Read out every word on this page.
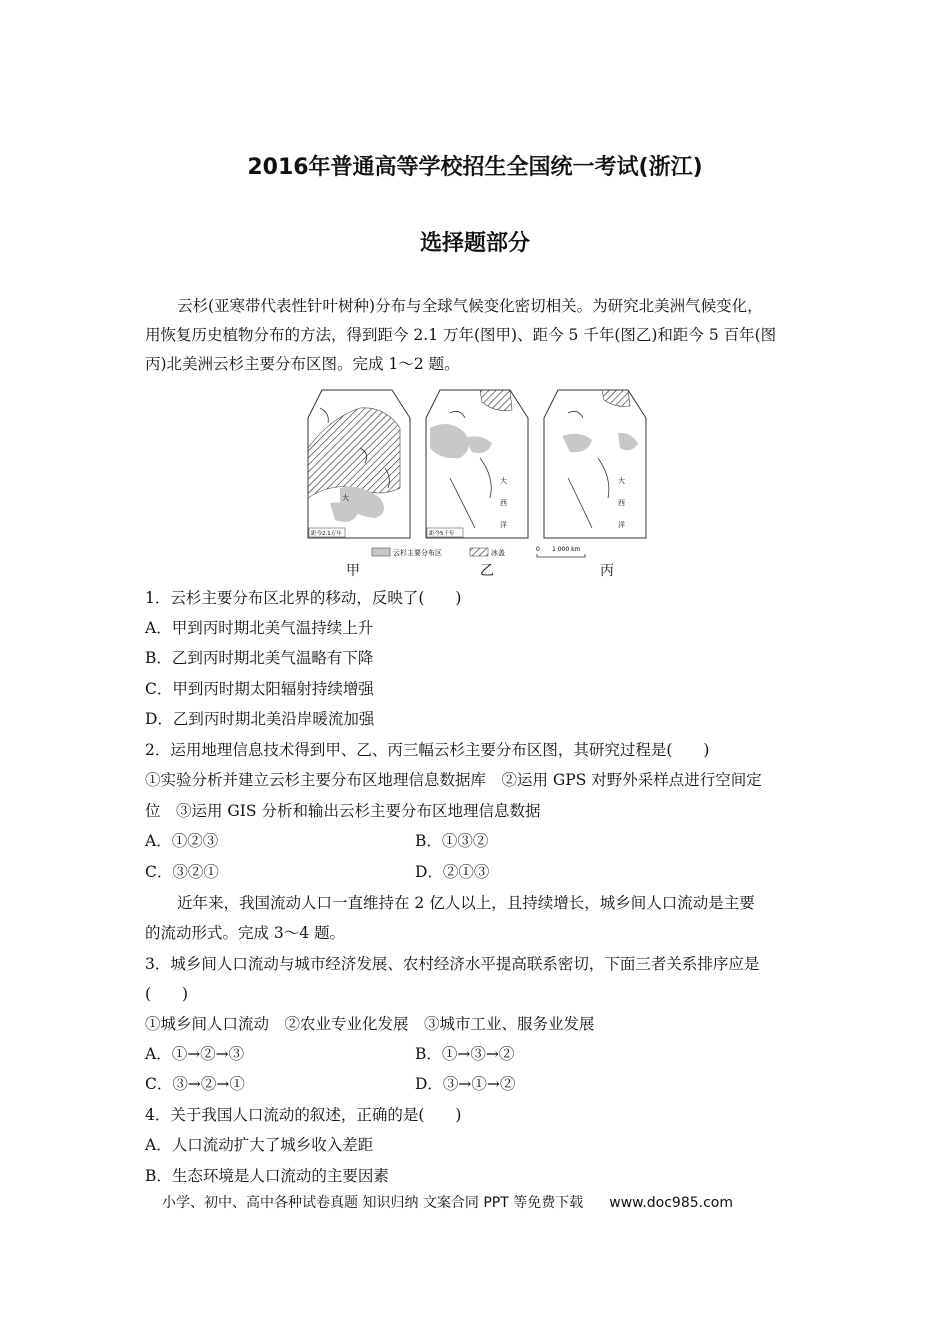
2016年普通高等学校招生全国统一考试(浙江)
选择题部分
云杉(亚寒带代表性针叶树种)分布与全球气候变化密切相关。为研究北美洲气候变化，
用恢复历史植物分布的方法，得到距今 2.1 万年(图甲)、距今 5 千年(图乙)和距今 5 百年(图
丙)北美洲云杉主要分布区图。完成 1～2 题。
大
距今2.1万年
大
西
洋
距今5千年
大
西
洋
云杉主要分布区	冰盖	0 1 000 km
甲	乙	丙
1．云杉主要分布区北界的移动，反映了(　　)
A．甲到丙时期北美气温持续上升
B．乙到丙时期北美气温略有下降
C．甲到丙时期太阳辐射持续增强
D．乙到丙时期北美沿岸暖流加强
2．运用地理信息技术得到甲、乙、丙三幅云杉主要分布区图，其研究过程是(　　)
①实验分析并建立云杉主要分布区地理信息数据库　②运用 GPS 对野外采样点进行空间定
位　③运用 GIS 分析和输出云杉主要分布区地理信息数据
A．①②③	B．①③②
C．③②①	D．②①③
近年来，我国流动人口一直维持在 2 亿人以上，且持续增长，城乡间人口流动是主要
的流动形式。完成 3～4 题。
3．城乡间人口流动与城市经济发展、农村经济水平提高联系密切，下面三者关系排序应是
(　　)
①城乡间人口流动　②农业专业化发展　③城市工业、服务业发展
A．①→②→③	B．①→③→②
C．③→②→①	D．③→①→②
4．关于我国人口流动的叙述，正确的是(　　)
A．人口流动扩大了城乡收入差距
B．生态环境是人口流动的主要因素
小学、初中、高中各种试卷真题 知识归纳 文案合同 PPT 等免费下载 www.doc985.com
